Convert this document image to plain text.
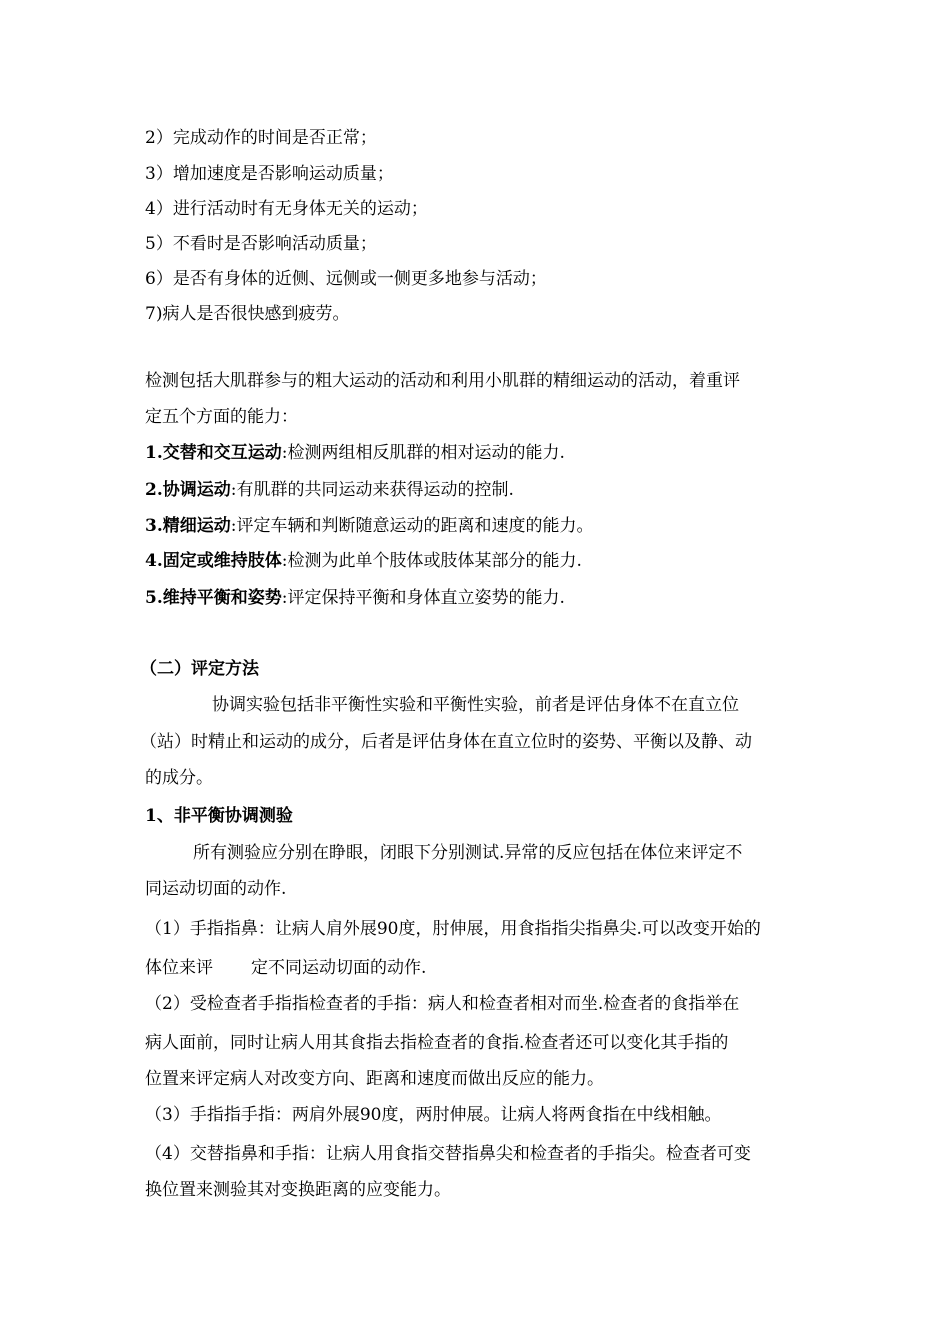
2）完成动作的时间是否正常；
3）增加速度是否影响运动质量；
4）进行活动时有无身体无关的运动；
5）不看时是否影响活动质量；
6）是否有身体的近侧、远侧或一侧更多地参与活动；
7)病人是否很快感到疲劳。
检测包括大肌群参与的粗大运动的活动和利用小肌群的精细运动的活动，着重评
定五个方面的能力：
1.交替和交互运动:检测两组相反肌群的相对运动的能力.
2.协调运动:有肌群的共同运动来获得运动的控制.
3.精细运动:评定车辆和判断随意运动的距离和速度的能力。
4.固定或维持肢体:检测为此单个肢体或肢体某部分的能力.
5.维持平衡和姿势:评定保持平衡和身体直立姿势的能力.
（二）评定方法
协调实验包括非平衡性实验和平衡性实验，前者是评估身体不在直立位
（站）时精止和运动的成分，后者是评估身体在直立位时的姿势、平衡以及静、动
的成分。
1、非平衡协调测验
所有测验应分别在睁眼，闭眼下分别测试.异常的反应包括在体位来评定不
同运动切面的动作.
（1）手指指鼻：让病人肩外展90度，肘伸展，用食指指尖指鼻尖.可以改变开始的
体位来评 定不同运动切面的动作.
（2）受检查者手指指检查者的手指：病人和检查者相对而坐.检查者的食指举在
病人面前，同时让病人用其食指去指检查者的食指.检查者还可以变化其手指的
位置来评定病人对改变方向、距离和速度而做出反应的能力。
（3）手指指手指：两肩外展90度，两肘伸展。让病人将两食指在中线相触。
（4）交替指鼻和手指：让病人用食指交替指鼻尖和检查者的手指尖。检查者可变
换位置来测验其对变换距离的应变能力。
